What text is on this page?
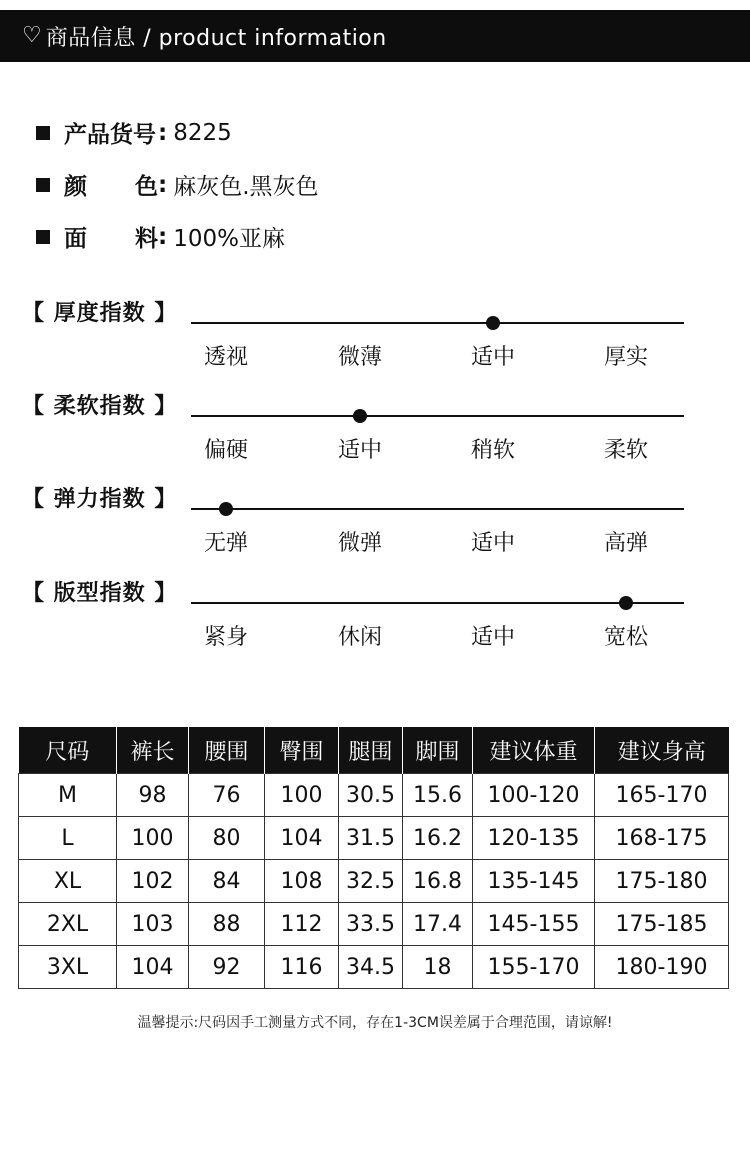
♡ 商品信息 / product information
产品货号 : 8225
颜 色 : 麻灰色.黑灰色
面 料 : 100%亚麻
【 厚度指数 】
透视	微薄	适中	厚实
【 柔软指数 】
偏硬	适中	稍软	柔软
【 弹力指数 】
无弹	微弹	适中	高弹
【 版型指数 】
紧身	休闲	适中	宽松
尺码	裤长	腰围	臀围	腿围	脚围	建议体重	建议身高
M	98	76	100	30.5	15.6	100-120	165-170
L	100	80	104	31.5	16.2	120-135	168-175
XL	102	84	108	32.5	16.8	135-145	175-180
2XL	103	88	112	33.5	17.4	145-155	175-185
3XL	104	92	116	34.5	18	155-170	180-190
温馨提示:尺码因手工测量方式不同，存在1-3CM误差属于合理范围，请谅解!
